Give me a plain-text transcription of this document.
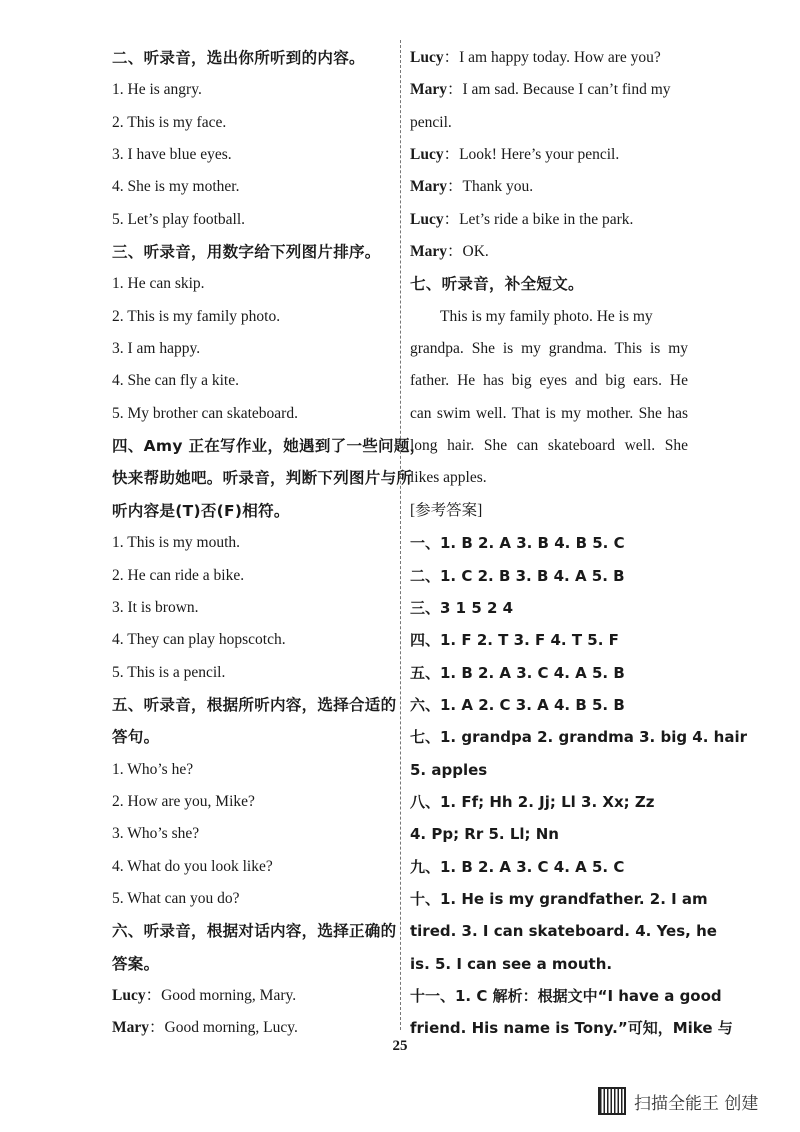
二、听录音，选出你所听到的内容。
1. He is angry.
2. This is my face.
3. I have blue eyes.
4. She is my mother.
5. Let’s play football.
三、听录音，用数字给下列图片排序。
1. He can skip.
2. This is my family photo.
3. I am happy.
4. She can fly a kite.
5. My brother can skateboard.
四、Amy 正在写作业，她遇到了一些问题，
快来帮助她吧。听录音，判断下列图片与所
听内容是(T)否(F)相符。
1. This is my mouth.
2. He can ride a bike.
3. It is brown.
4. They can play hopscotch.
5. This is a pencil.
五、听录音，根据所听内容，选择合适的
答句。
1. Who’s he?
2. How are you, Mike?
3. Who’s she?
4. What do you look like?
5. What can you do?
六、听录音，根据对话内容，选择正确的
答案。
Lucy：Good morning, Mary.
Mary：Good morning, Lucy.
Lucy：I am happy today. How are you?
Mary：I am sad. Because I can’t find my
pencil.
Lucy：Look! Here’s your pencil.
Mary：Thank you.
Lucy：Let’s ride a bike in the park.
Mary：OK.
七、听录音，补全短文。
This is my family photo. He is my
grandpa. She is my grandma. This is my
father. He has big eyes and big ears. He
can swim well. That is my mother. She has
long hair. She can skateboard well. She
likes apples.
[参考答案]
一、1. B 2. A 3. B 4. B 5. C
二、1. C 2. B 3. B 4. A 5. B
三、3 1 5 2 4
四、1. F 2. T 3. F 4. T 5. F
五、1. B 2. A 3. C 4. A 5. B
六、1. A 2. C 3. A 4. B 5. B
七、1. grandpa 2. grandma 3. big 4. hair
5. apples
八、1. Ff; Hh 2. Jj; Ll 3. Xx; Zz
4. Pp; Rr 5. Ll; Nn
九、1. B 2. A 3. C 4. A 5. C
十、1. He is my grandfather. 2. I am
tired. 3. I can skateboard. 4. Yes, he
is. 5. I can see a mouth.
十一、1. C 解析：根据文中“I have a good
friend. His name is Tony.”可知，Mike 与
25
扫描全能王 创建
